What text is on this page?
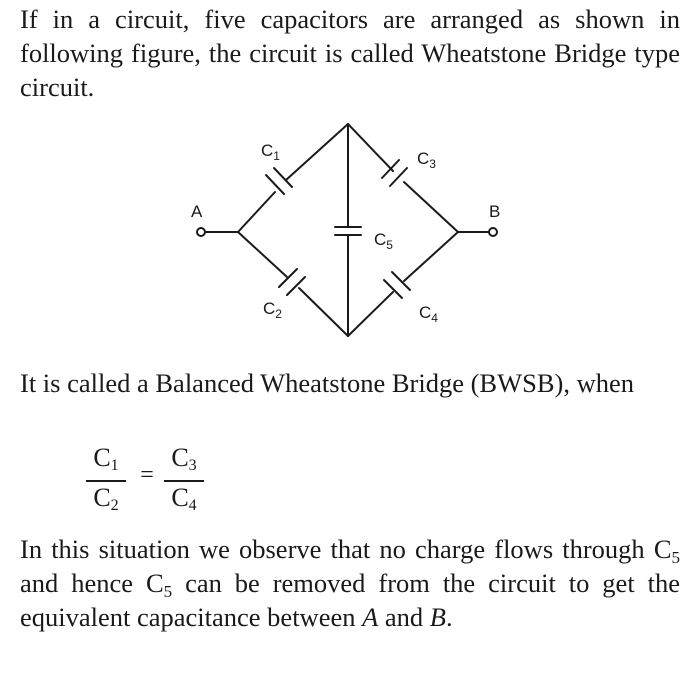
If in a circuit, five capacitors are arranged as shown in following figure, the circuit is called Wheatstone Bridge type circuit.

A	B
$C_1$	$C_3$
$C_5$
$C_2$	$C_4$

It is called a Balanced Wheatstone Bridge (BWSB), when

$C_1$
$C_2$
=
$C_3$
$C_4$

In this situation we observe that no charge flows through $C_5$ and hence $C_5$ can be removed from the circuit to get the equivalent capacitance between A and B.
